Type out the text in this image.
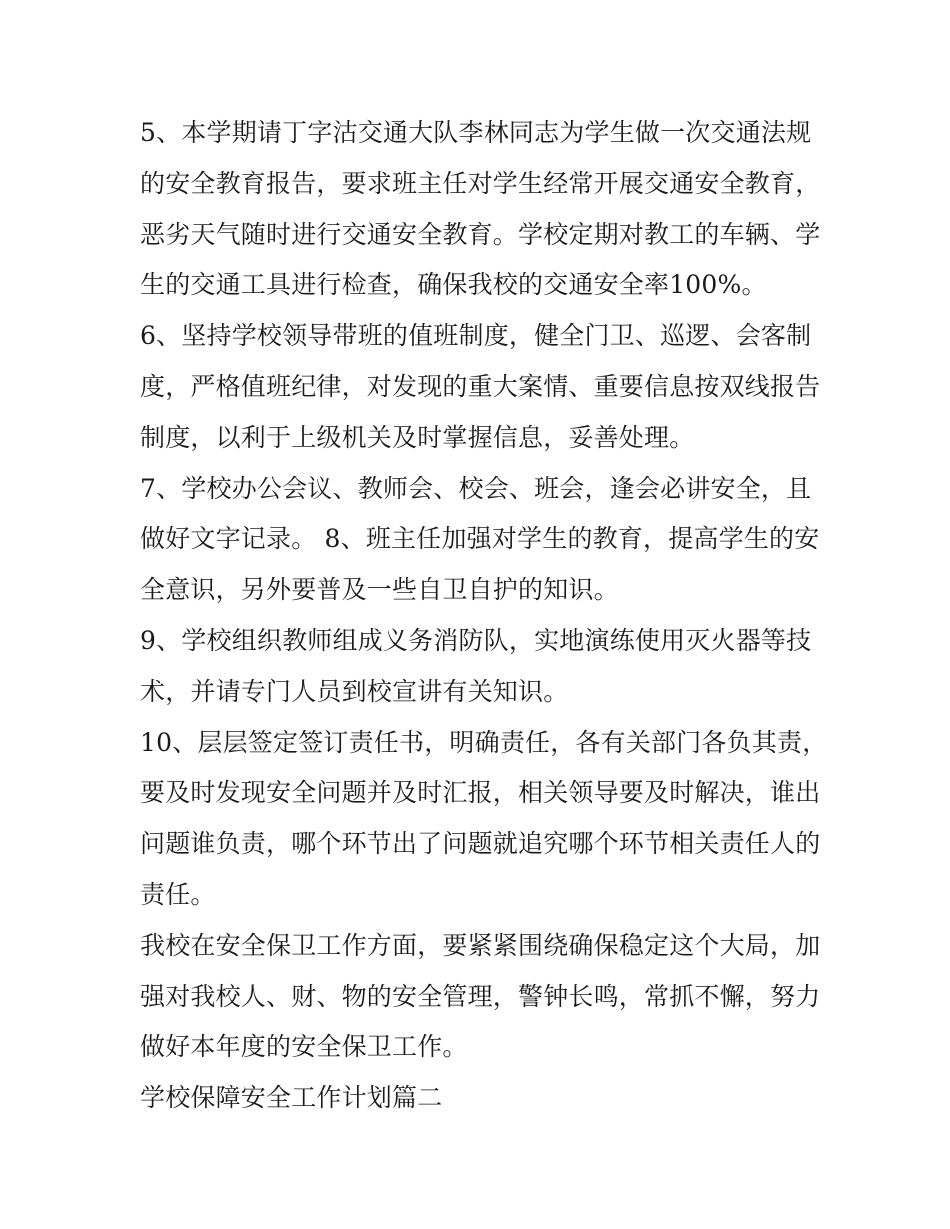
5、本学期请丁字沽交通大队李林同志为学生做一次交通法规
的安全教育报告，要求班主任对学生经常开展交通安全教育，
恶劣天气随时进行交通安全教育。学校定期对教工的车辆、学
生的交通工具进行检查，确保我校的交通安全率100%。
6、坚持学校领导带班的值班制度，健全门卫、巡逻、会客制
度，严格值班纪律，对发现的重大案情、重要信息按双线报告
制度，以利于上级机关及时掌握信息，妥善处理。
7、学校办公会议、教师会、校会、班会，逢会必讲安全，且
做好文字记录。 8、班主任加强对学生的教育，提高学生的安
全意识，另外要普及一些自卫自护的知识。
9、学校组织教师组成义务消防队，实地演练使用灭火器等技
术，并请专门人员到校宣讲有关知识。
10、层层签定签订责任书，明确责任，各有关部门各负其责，
要及时发现安全问题并及时汇报，相关领导要及时解决，谁出
问题谁负责，哪个环节出了问题就追究哪个环节相关责任人的
责任。
我校在安全保卫工作方面，要紧紧围绕确保稳定这个大局，加
强对我校人、财、物的安全管理，警钟长鸣，常抓不懈，努力
做好本年度的安全保卫工作。
学校保障安全工作计划篇二
